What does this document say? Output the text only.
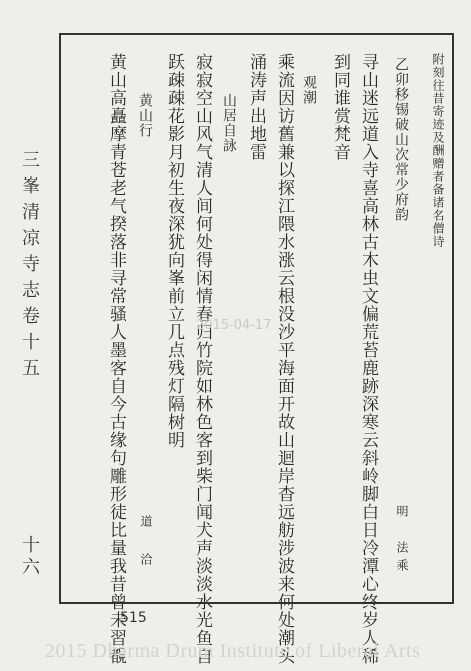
三峯清凉寺志卷十五
十六
附刻往昔寄迹及酬赠者备诸名僧诗
乙卯移锡破山次常少府韵
寻山迷远道入寺喜高林古木虫文偏荒苔鹿跡深寒云斜岭脚白日冷潭心终岁人稀
到同谁赏梵音
观潮
乘流因访舊兼以探江隈水涨云根没沙平海面开故山迴岸杳远舫涉波来何处潮头
涌涛声出地雷
山居自詠
寂寂空山风气清人间何处得闲情春归竹院如林色客到柴门闻犬声淡淡水光鱼自
跃疎疎花影月初生夜深犹向峯前立几点残灯隔树明
黄山行
黄山高矗摩青苍老气揆落非寻常骚人墨客自今古缘句雕形徒比量我昔曾未習覩	明　法乘
道 洽
515
2015-04-17
2015 Dharma Drum Institute of Liberal Arts
